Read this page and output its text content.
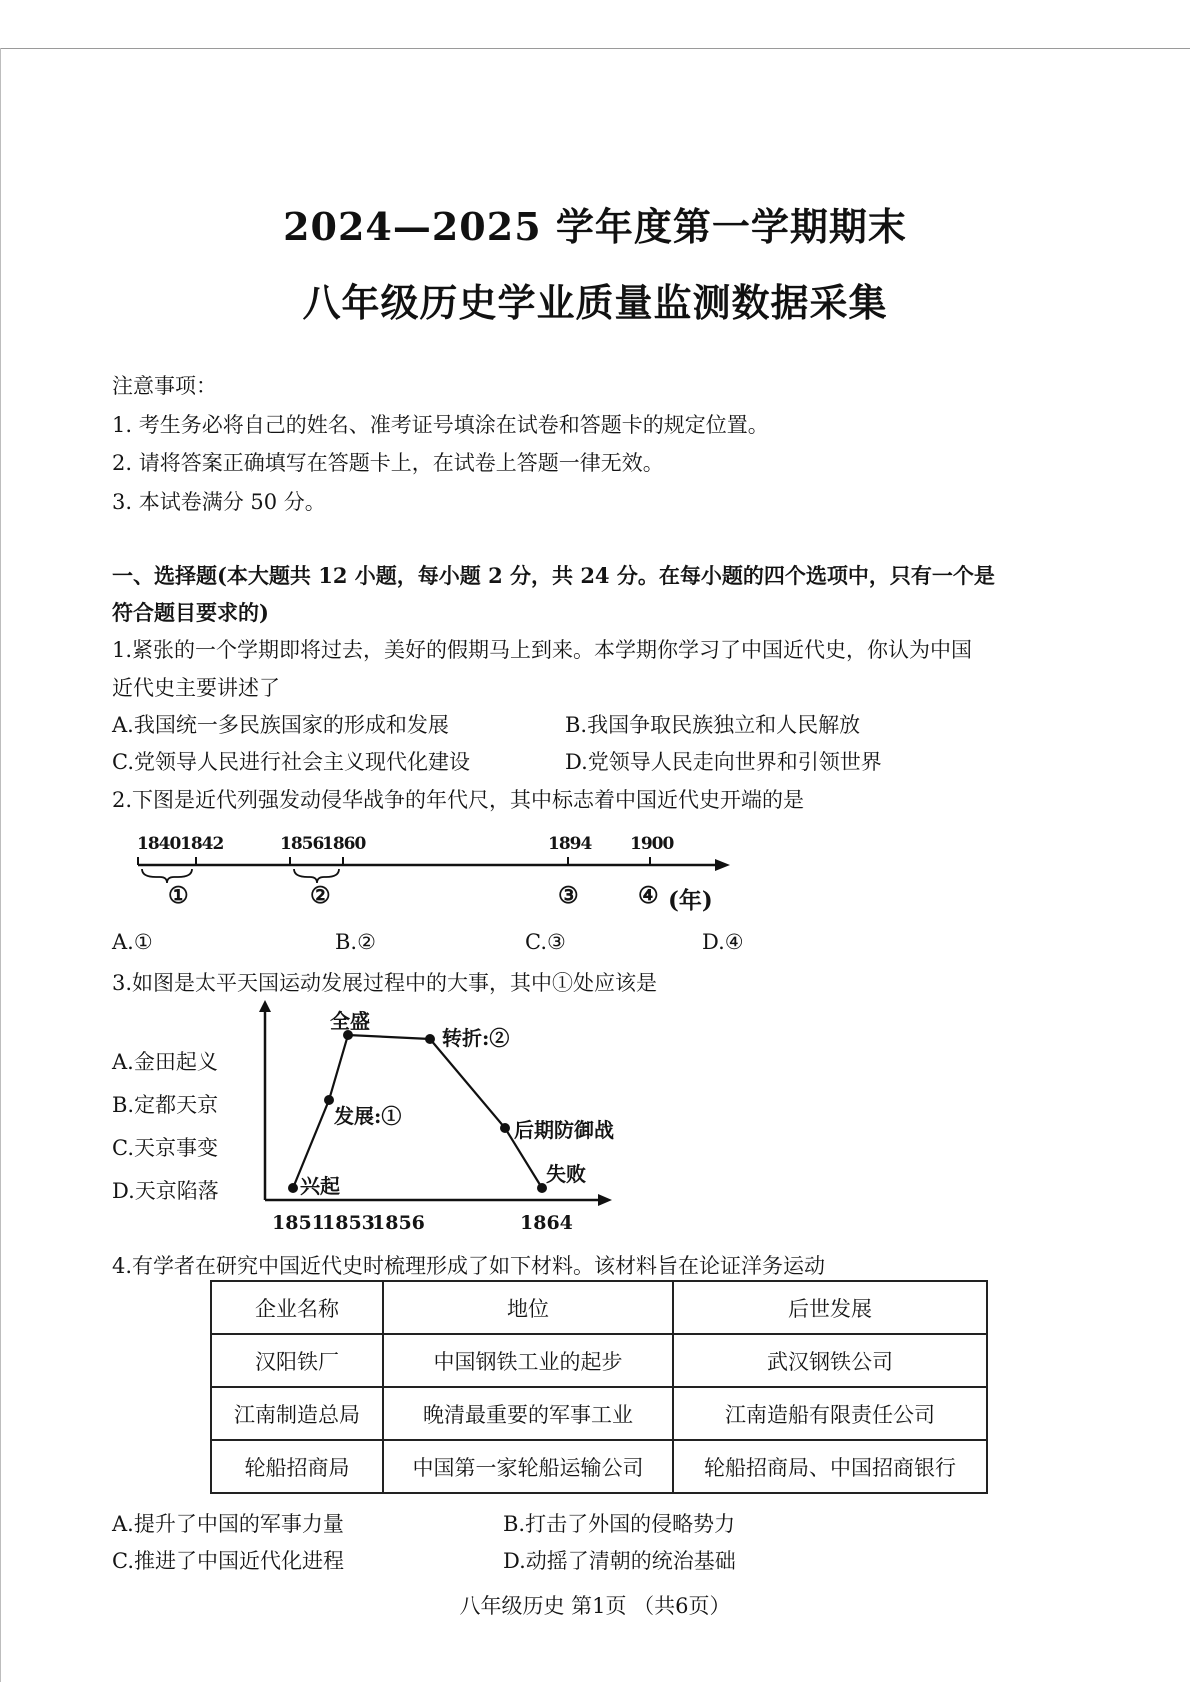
2024—2025 学年度第一学期期末
八年级历史学业质量监测数据采集
注意事项：
1. 考生务必将自己的姓名、准考证号填涂在试卷和答题卡的规定位置。
2. 请将答案正确填写在答题卡上，在试卷上答题一律无效。
3. 本试卷满分 50 分。
一、选择题(本大题共 12 小题，每小题 2 分，共 24 分。在每小题的四个选项中，只有一个是
符合题目要求的)
1.紧张的一个学期即将过去，美好的假期马上到来。本学期你学习了中国近代史，你认为中国
近代史主要讲述了
A.我国统一多民族国家的形成和发展	B.我国争取民族独立和人民解放
C.党领导人民进行社会主义现代化建设	D.党领导人民走向世界和引领世界
2.下图是近代列强发动侵华战争的年代尺，其中标志着中国近代史开端的是
1840 1842	1856
1860	1894 1900
①	②	③	④ (年)
A.①	B.②	C.③	D.④
3.如图是太平天国运动发展过程中的大事，其中①处应该是
A.金田起义
B.定都天京
C.天京事变
D.天京陷落	兴起
发展:①
全盛
转折:②
后期防御战
失败
1851
1853
1856	1864
4.有学者在研究中国近代史时梳理形成了如下材料。该材料旨在论证洋务运动
企业名称	地位	后世发展
汉阳铁厂	中国钢铁工业的起步	武汉钢铁公司
江南制造总局	晚清最重要的军事工业	江南造船有限责任公司
轮船招商局	中国第一家轮船运输公司	轮船招商局、中国招商银行
A.提升了中国的军事力量	B.打击了外国的侵略势力
C.推进了中国近代化进程	D.动摇了清朝的统治基础
八年级历史 第1页 （共6页）
